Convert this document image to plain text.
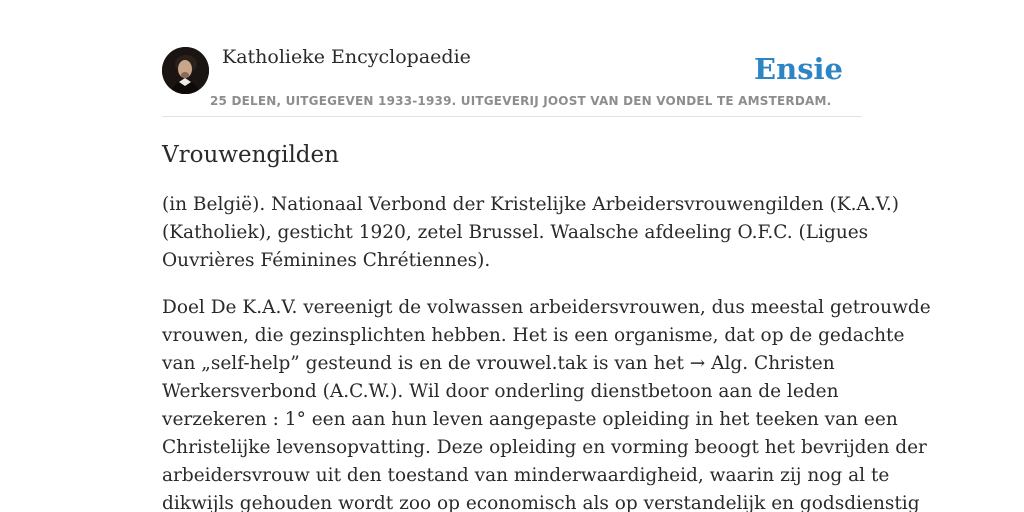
Katholieke Encyclopaedie
25 DELEN, UITGEGEVEN 1933-1939. UITGEVERIJ JOOST VAN DEN VONDEL TE AMSTERDAM.
Ensie
Vrouwengilden

(in België). Nationaal Verbond der Kristelijke Arbeidersvrouwengilden (K.A.V.)
(Katholiek), gesticht 1920, zetel Brussel. Waalsche afdeeling O.F.C. (Ligues
Ouvrières Féminines Chrétiennes).

Doel De K.A.V. vereenigt de volwassen arbeidersvrouwen, dus meestal getrouwde
vrouwen, die gezinsplichten hebben. Het is een organisme, dat op de gedachte
van „self-help” gesteund is en de vrouwel.tak is van het → Alg. Christen
Werkersverbond (A.C.W.). Wil door onderling dienstbetoon aan de leden
verzekeren : 1° een aan hun leven aangepaste opleiding in het teeken van een
Christelijke levensopvatting. Deze opleiding en vorming beoogt het bevrijden der
arbeidersvrouw uit den toestand van minderwaardigheid, waarin zij nog al te
dikwijls gehouden wordt zoo op economisch als op verstandelijk en godsdienstig
